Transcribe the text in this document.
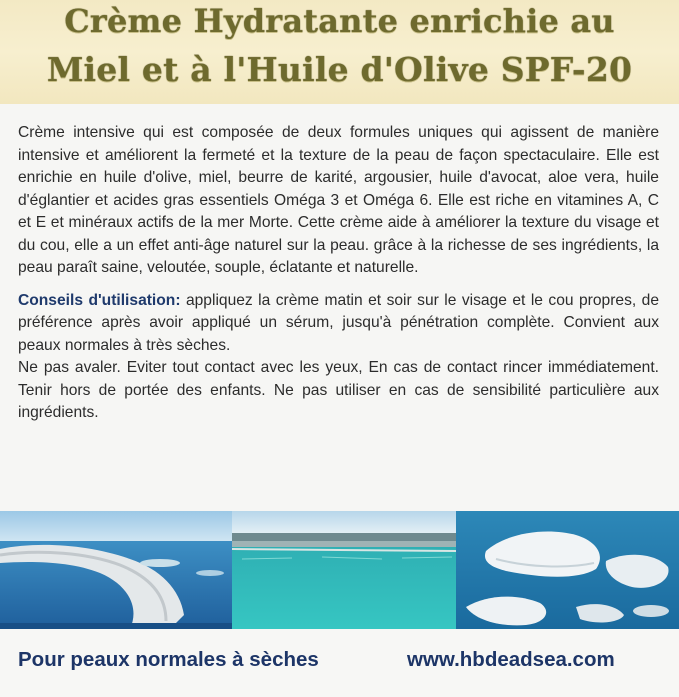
Crème Hydratante enrichie au
Miel et à l'Huile d'Olive SPF-20

Crème intensive qui est composée de deux formules uniques qui agissent de manière intensive et améliorent la fermeté et la texture de la peau de façon spectaculaire. Elle est enrichie en huile d'olive, miel, beurre de karité, argousier, huile d'avocat, aloe vera, huile d'églantier et acides gras essentiels Oméga 3 et Oméga 6. Elle est riche en vitamines A, C et E et minéraux actifs de la mer Morte. Cette crème aide à améliorer la texture du visage et du cou, elle a un effet anti-âge naturel sur la peau. grâce à la richesse de ses ingrédients, la peau paraît saine, veloutée, souple, éclatante et naturelle.

Conseils d'utilisation: appliquez la crème matin et soir sur le visage et le cou propres, de préférence après avoir appliqué un sérum, jusqu'à pénétration complète. Convient aux peaux normales à très sèches.

Ne pas avaler. Eviter tout contact avec les yeux, En cas de contact rincer immédiatement. Tenir hors de portée des enfants. Ne pas utiliser en cas de sensibilité particulière aux ingrédients.

Pour peaux normales à sèches	www.hbdeadsea.com
